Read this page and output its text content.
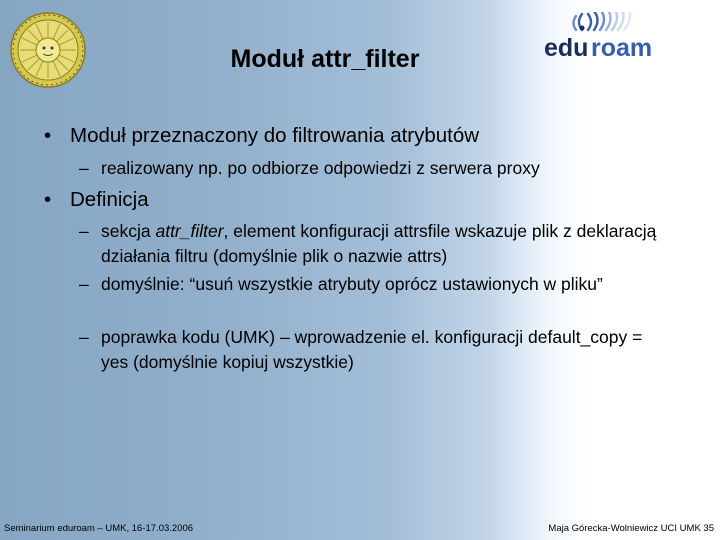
edu roam
Moduł attr_filter
• Moduł przeznaczony do filtrowania atrybutów
– realizowany np. po odbiorze odpowiedzi z serwera proxy
• Definicja
– sekcja attr_filter, element konfiguracji attrsfile wskazuje plik z deklaracją działania filtru (domyślnie plik o nazwie attrs)
– domyślnie: “usuń wszystkie atrybuty oprócz ustawionych w pliku”
– poprawka kodu (UMK) – wprowadzenie el. konfiguracji default_copy = yes (domyślnie kopiuj wszystkie)
Seminarium eduroam – UMK, 16-17.03.2006	Maja Górecka-Wolniewicz UCI UMK 35
